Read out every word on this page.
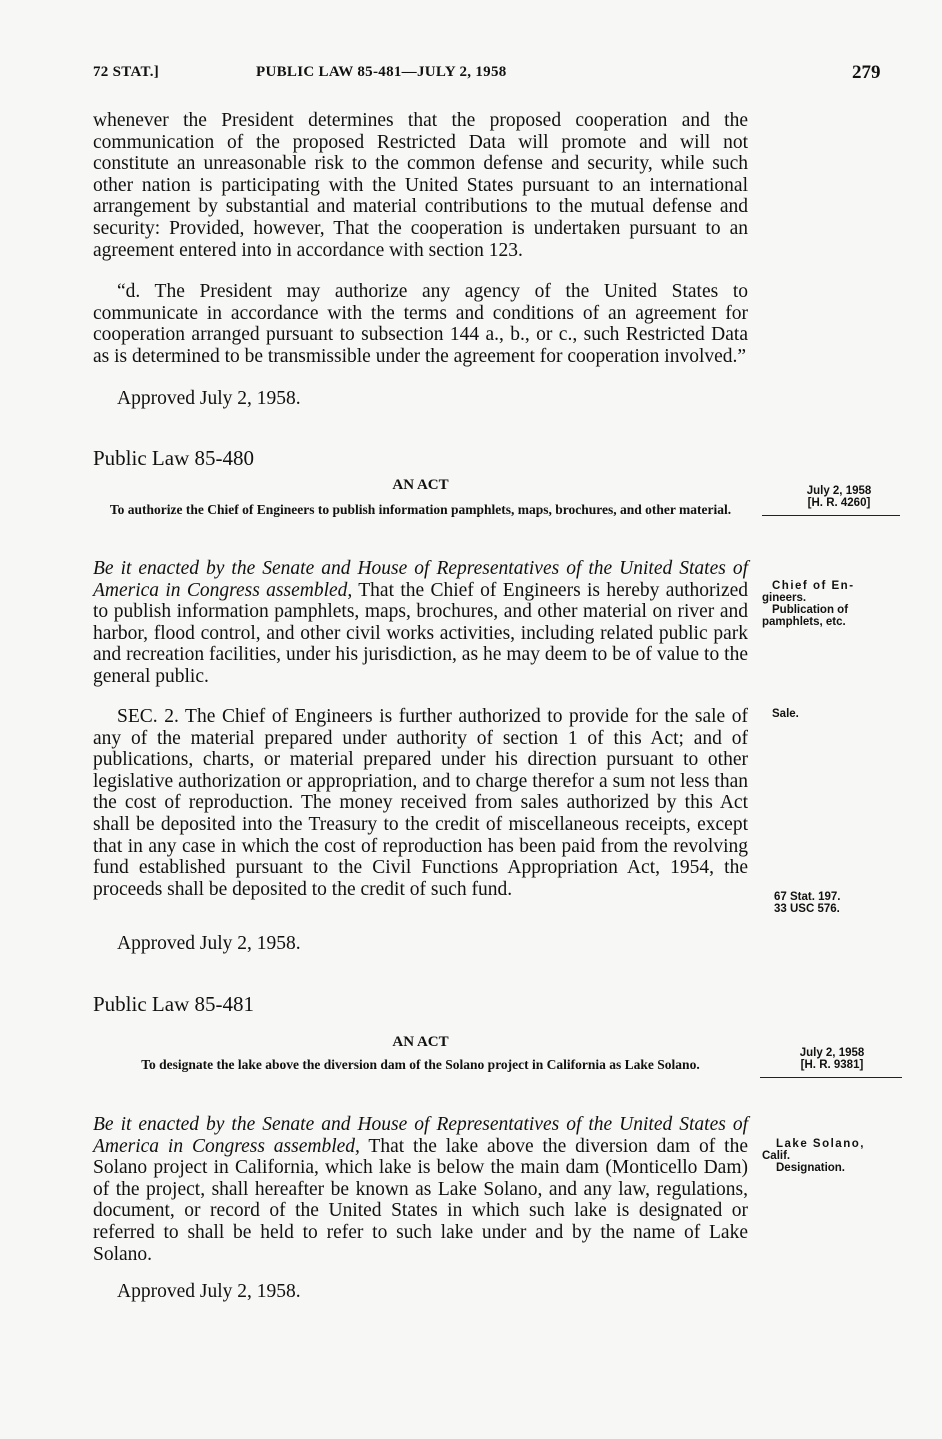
72 STAT.]	PUBLIC LAW 85-481—JULY 2, 1958	279
whenever the President determines that the proposed cooperation and the communication of the proposed Restricted Data will promote and will not constitute an unreasonable risk to the common defense and security, while such other nation is participating with the United States pursuant to an international arrangement by substantial and material contributions to the mutual defense and security: Provided, however, That the cooperation is undertaken pursuant to an agreement entered into in accordance with section 123.
“d. The President may authorize any agency of the United States to communicate in accordance with the terms and conditions of an agreement for cooperation arranged pursuant to subsection 144 a., b., or c., such Restricted Data as is determined to be transmissible under the agreement for cooperation involved.”
Approved July 2, 1958.
Public Law 85-480
AN ACT
To authorize the Chief of Engineers to publish information pamphlets, maps, brochures, and other material.
July 2, 1958
[H. R. 4260]
Be it enacted by the Senate and House of Representatives of the United States of America in Congress assembled, That the Chief of Engineers is hereby authorized to publish information pamphlets, maps, brochures, and other material on river and harbor, flood control, and other civil works activities, including related public park and recreation facilities, under his jurisdiction, as he may deem to be of value to the general public.
Chief of En-
gineers.
Publication of
pamphlets, etc.
SEC. 2. The Chief of Engineers is further authorized to provide for the sale of any of the material prepared under authority of section 1 of this Act; and of publications, charts, or material prepared under his direction pursuant to other legislative authorization or appropriation, and to charge therefor a sum not less than the cost of reproduction. The money received from sales authorized by this Act shall be deposited into the Treasury to the credit of miscellaneous receipts, except that in any case in which the cost of reproduction has been paid from the revolving fund established pursuant to the Civil Functions Appropriation Act, 1954, the proceeds shall be deposited to the credit of such fund.
Sale.
67 Stat. 197.
33 USC 576.
Approved July 2, 1958.
Public Law 85-481
AN ACT
To designate the lake above the diversion dam of the Solano project in California as Lake Solano.
July 2, 1958
[H. R. 9381]
Be it enacted by the Senate and House of Representatives of the United States of America in Congress assembled, That the lake above the diversion dam of the Solano project in California, which lake is below the main dam (Monticello Dam) of the project, shall hereafter be known as Lake Solano, and any law, regulations, document, or record of the United States in which such lake is designated or referred to shall be held to refer to such lake under and by the name of Lake Solano.
Lake Solano,
Calif.
Designation.
Approved July 2, 1958.
